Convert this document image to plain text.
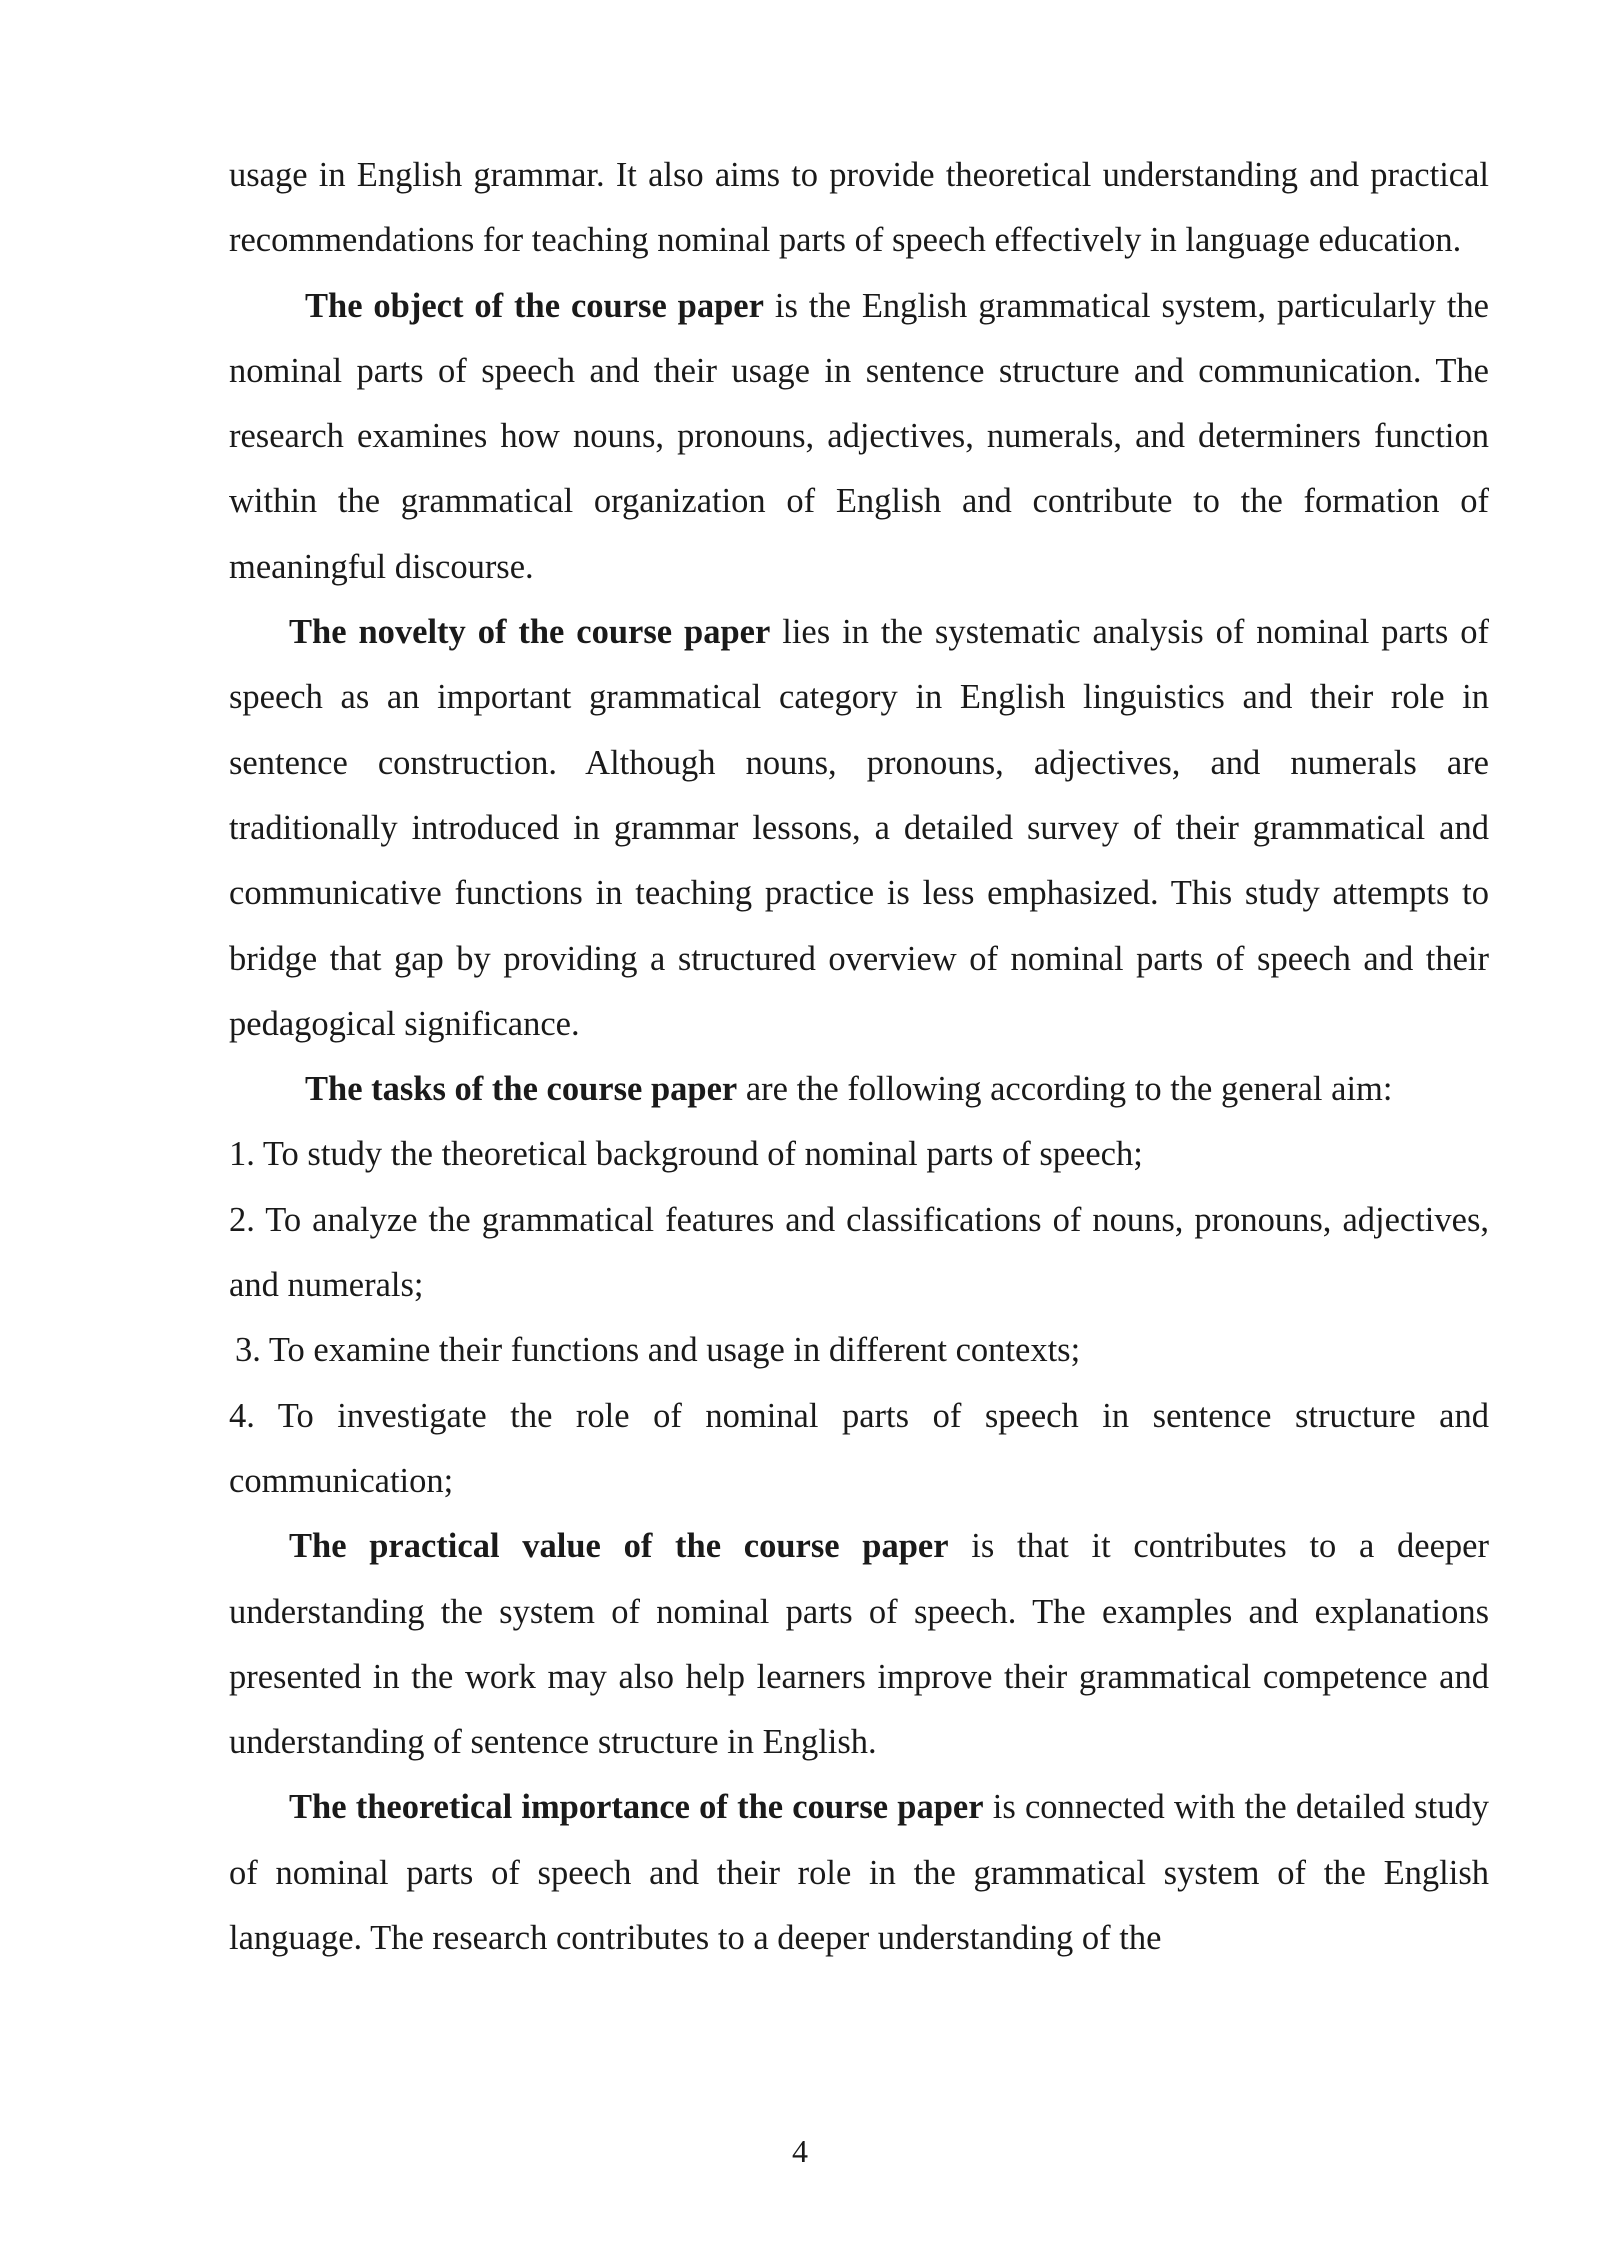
usage in English grammar. It also aims to provide theoretical understanding and practical recommendations for teaching nominal parts of speech effectively in language education.

The object of the course paper is the English grammatical system, particularly the nominal parts of speech and their usage in sentence structure and communication. The research examines how nouns, pronouns, adjectives, numerals, and determiners function within the grammatical organization of English and contribute to the formation of meaningful discourse.

The novelty of the course paper lies in the systematic analysis of nominal parts of speech as an important grammatical category in English linguistics and their role in sentence construction. Although nouns, pronouns, adjectives, and numerals are traditionally introduced in grammar lessons, a detailed survey of their grammatical and communicative functions in teaching practice is less emphasized. This study attempts to bridge that gap by providing a structured overview of nominal parts of speech and their pedagogical significance.

The tasks of the course paper are the following according to the general aim:

1. To study the theoretical background of nominal parts of speech;

2. To analyze the grammatical features and classifications of nouns, pronouns, adjectives, and numerals;

3. To examine their functions and usage in different contexts;

4. To investigate the role of nominal parts of speech in sentence structure and communication;

The practical value of the course paper is that it contributes to a deeper understanding the system of nominal parts of speech. The examples and explanations presented in the work may also help learners improve their grammatical competence and understanding of sentence structure in English.

The theoretical importance of the course paper is connected with the detailed study of nominal parts of speech and their role in the grammatical system of the English language. The research contributes to a deeper understanding of the

4
